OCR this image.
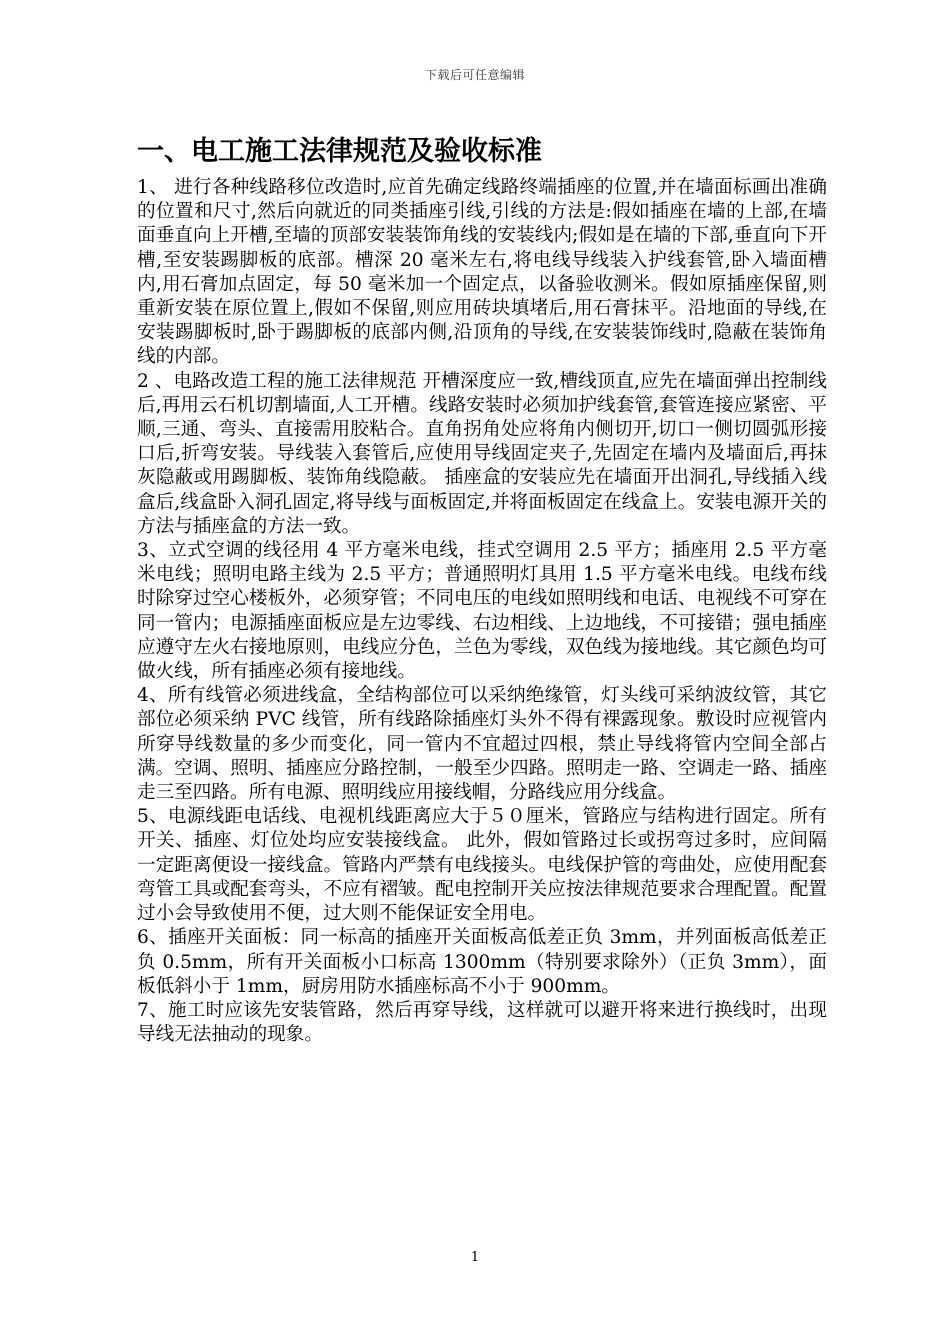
下载后可任意编辑
一、电工施工法律规范及验收标准

1、 进行各种线路移位改造时,应首先确定线路终端插座的位置,并在墙面标画出准确的位置和尺寸,然后向就近的同类插座引线,引线的方法是:假如插座在墙的上部,在墙面垂直向上开槽,至墙的顶部安装装饰角线的安装线内;假如是在墙的下部,垂直向下开槽,至安装踢脚板的底部。槽深 20 毫米左右,将电线导线装入护线套管,卧入墙面槽内,用石膏加点固定，每 50 毫米加一个固定点，以备验收测米。假如原插座保留,则重新安装在原位置上,假如不保留,则应用砖块填堵后,用石膏抹平。沿地面的导线,在安装踢脚板时,卧于踢脚板的底部内侧,沿顶角的导线,在安装装饰线时,隐蔽在装饰角线的内部。

2 、电路改造工程的施工法律规范 开槽深度应一致,槽线顶直,应先在墙面弹出控制线后,再用云石机切割墙面,人工开槽。线路安装时必须加护线套管,套管连接应紧密、平顺,三通、弯头、直接需用胶粘合。直角拐角处应将角内侧切开,切口一侧切圆弧形接口后,折弯安装。导线装入套管后,应使用导线固定夹子,先固定在墙内及墙面后,再抹灰隐蔽或用踢脚板、装饰角线隐蔽。 插座盒的安装应先在墙面开出洞孔,导线插入线盒后,线盒卧入洞孔固定,将导线与面板固定,并将面板固定在线盒上。安装电源开关的方法与插座盒的方法一致。

3、立式空调的线径用 4 平方毫米电线，挂式空调用 2.5 平方；插座用 2.5 平方毫米电线；照明电路主线为 2.5 平方；普通照明灯具用 1.5 平方毫米电线。电线布线时除穿过空心楼板外，必须穿管；不同电压的电线如照明线和电话、电视线不可穿在同一管内；电源插座面板应是左边零线、右边相线、上边地线，不可接错；强电插座应遵守左火右接地原则，电线应分色，兰色为零线，双色线为接地线。其它颜色均可做火线，所有插座必须有接地线。

4、所有线管必须进线盒，全结构部位可以采纳绝缘管，灯头线可采纳波纹管，其它部位必须采纳 PVC 线管，所有线路除插座灯头外不得有裸露现象。敷设时应视管内所穿导线数量的多少而变化，同一管内不宜超过四根，禁止导线将管内空间全部占满。空调、照明、插座应分路控制，一般至少四路。照明走一路、空调走一路、插座走三至四路。所有电源、照明线应用接线帽，分路线应用分线盒。

5、电源线距电话线、电视机线距离应大于５０厘米，管路应与结构进行固定。所有开关、插座、灯位处均应安装接线盒。 此外，假如管路过长或拐弯过多时，应间隔一定距离便设一接线盒。管路内严禁有电线接头。电线保护管的弯曲处，应使用配套弯管工具或配套弯头，不应有褶皱。配电控制开关应按法律规范要求合理配置。配置过小会导致使用不便，过大则不能保证安全用电。

6、插座开关面板：同一标高的插座开关面板高低差正负 3mm，并列面板高低差正负 0.5mm，所有开关面板小口标高 1300mm（特别要求除外）（正负 3mm），面板低斜小于 1mm，厨房用防水插座标高不小于 900mm。

7、施工时应该先安装管路，然后再穿导线，这样就可以避开将来进行换线时，出现导线无法抽动的现象。

1
